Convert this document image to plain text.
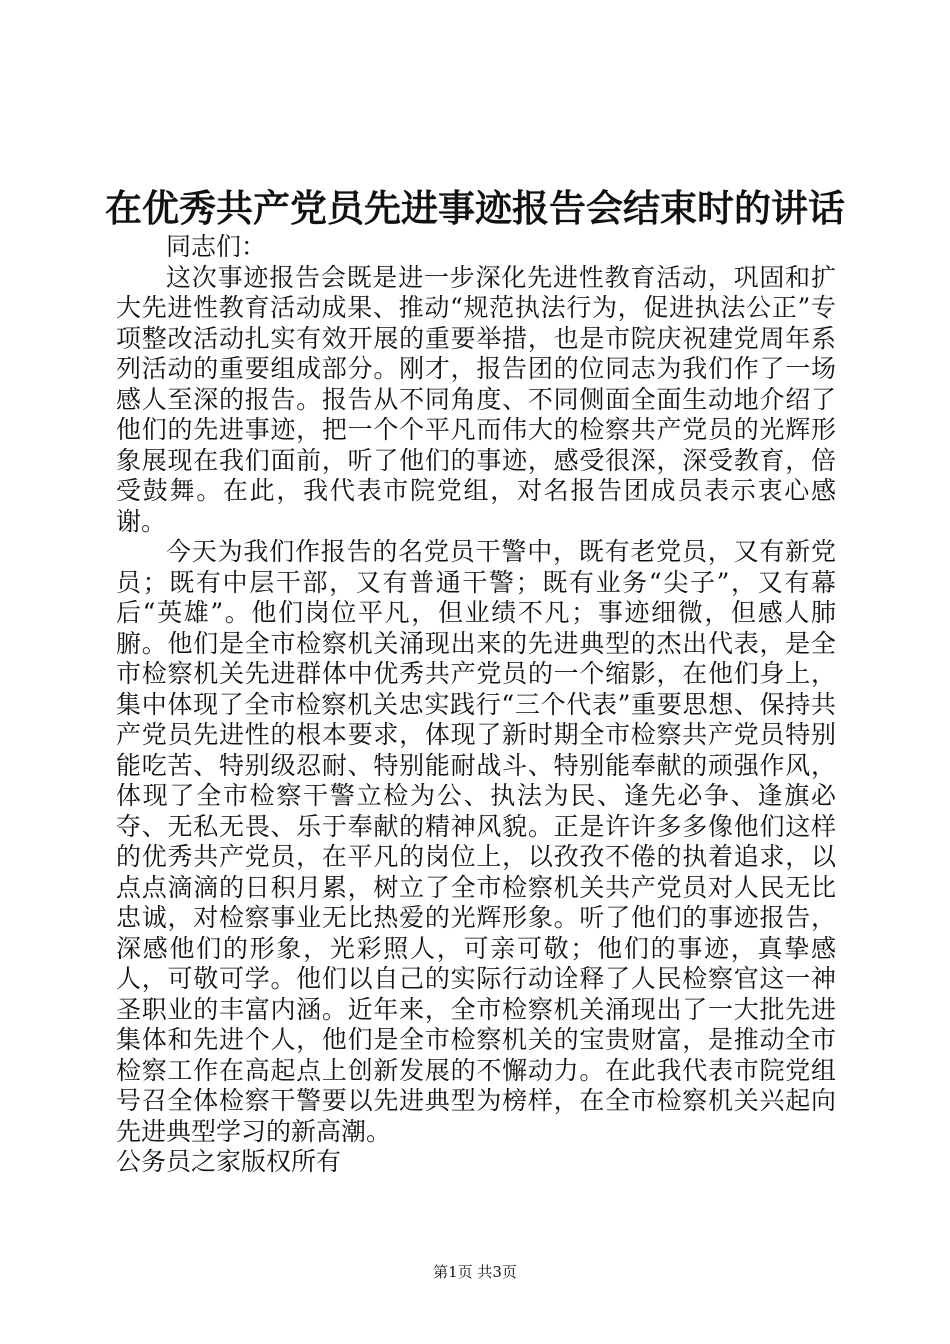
在优秀共产党员先进事迹报告会结束时的讲话

同志们：

这次事迹报告会既是进一步深化先进性教育活动，巩固和扩大先进性教育活动成果、推动“规范执法行为，促进执法公正”专项整改活动扎实有效开展的重要举措，也是市院庆祝建党周年系列活动的重要组成部分。刚才，报告团的位同志为我们作了一场感人至深的报告。报告从不同角度、不同侧面全面生动地介绍了他们的先进事迹，把一个个平凡而伟大的检察共产党员的光辉形象展现在我们面前，听了他们的事迹，感受很深，深受教育，倍受鼓舞。在此，我代表市院党组，对名报告团成员表示衷心感谢。

今天为我们作报告的名党员干警中，既有老党员，又有新党员；既有中层干部，又有普通干警；既有业务“尖子”，又有幕后“英雄”。他们岗位平凡，但业绩不凡；事迹细微，但感人肺腑。他们是全市检察机关涌现出来的先进典型的杰出代表，是全市检察机关先进群体中优秀共产党员的一个缩影，在他们身上，集中体现了全市检察机关忠实践行“三个代表”重要思想、保持共产党员先进性的根本要求，体现了新时期全市检察共产党员特别能吃苦、特别级忍耐、特别能耐战斗、特别能奉献的顽强作风，体现了全市检察干警立检为公、执法为民、逢先必争、逢旗必夺、无私无畏、乐于奉献的精神风貌。正是许许多多像他们这样的优秀共产党员，在平凡的岗位上，以孜孜不倦的执着追求，以点点滴滴的日积月累，树立了全市检察机关共产党员对人民无比忠诚，对检察事业无比热爱的光辉形象。听了他们的事迹报告，深感他们的形象，光彩照人，可亲可敬；他们的事迹，真挚感人，可敬可学。他们以自己的实际行动诠释了人民检察官这一神圣职业的丰富内涵。近年来，全市检察机关涌现出了一大批先进集体和先进个人，他们是全市检察机关的宝贵财富，是推动全市检察工作在高起点上创新发展的不懈动力。在此我代表市院党组号召全体检察干警要以先进典型为榜样，在全市检察机关兴起向先进典型学习的新高潮。

公务员之家版权所有

第1页 共3页
